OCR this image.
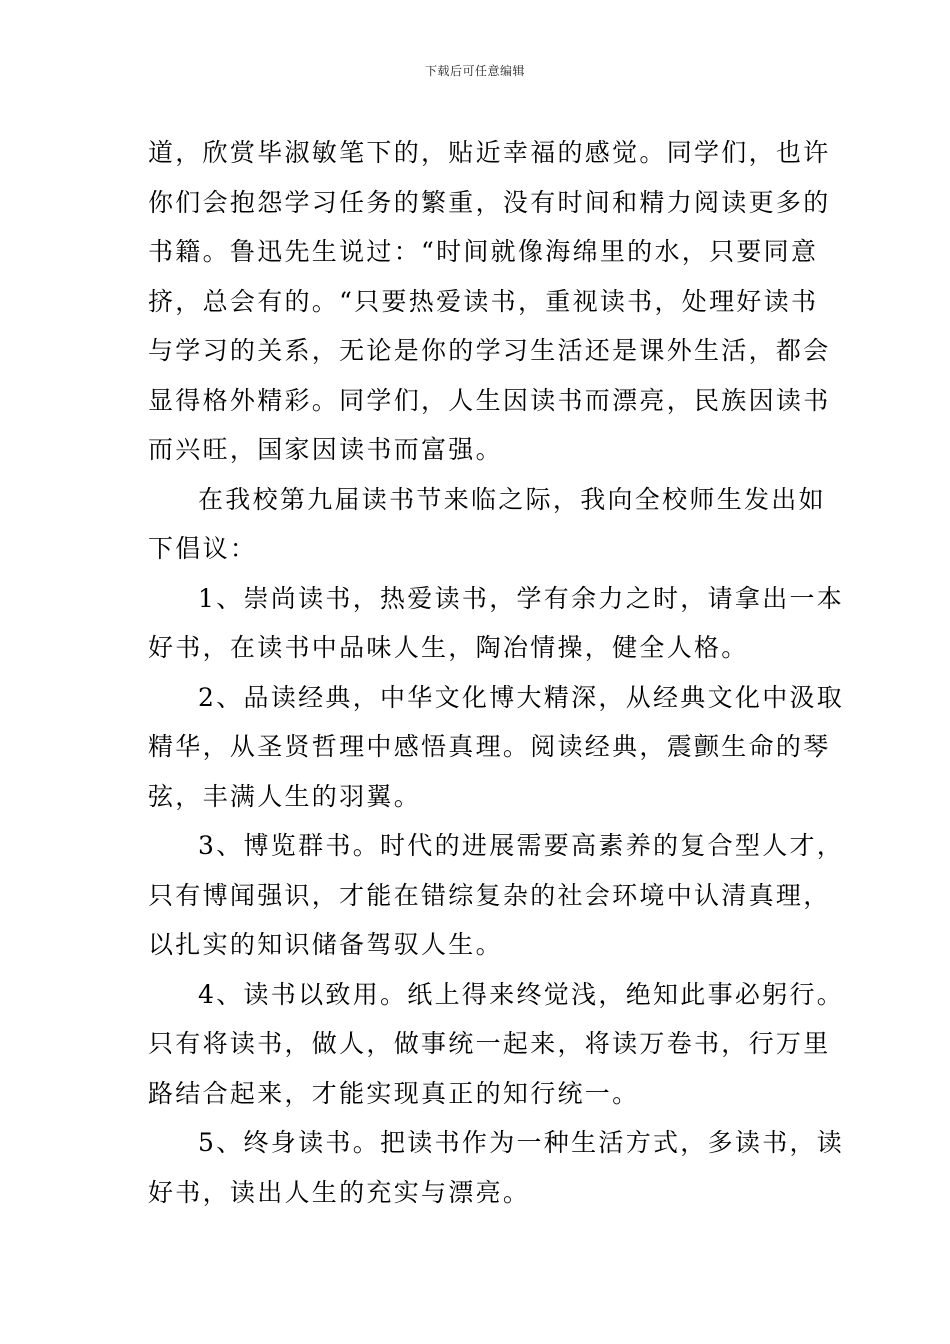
下载后可任意编辑

道，欣赏毕淑敏笔下的，贴近幸福的感觉。同学们，也许
你们会抱怨学习任务的繁重，没有时间和精力阅读更多的
书籍。鲁迅先生说过：“时间就像海绵里的水，只要同意
挤，总会有的。“只要热爱读书，重视读书，处理好读书
与学习的关系，无论是你的学习生活还是课外生活，都会
显得格外精彩。同学们，人生因读书而漂亮，民族因读书
而兴旺，国家因读书而富强。

在我校第九届读书节来临之际，我向全校师生发出如
下倡议：

1、崇尚读书，热爱读书，学有余力之时，请拿出一本
好书，在读书中品味人生，陶冶情操，健全人格。

2、品读经典，中华文化博大精深，从经典文化中汲取
精华，从圣贤哲理中感悟真理。阅读经典，震颤生命的琴
弦，丰满人生的羽翼。

3、博览群书。时代的进展需要高素养的复合型人才，
只有博闻强识，才能在错综复杂的社会环境中认清真理，
以扎实的知识储备驾驭人生。

4、读书以致用。纸上得来终觉浅，绝知此事必躬行。
只有将读书，做人，做事统一起来，将读万卷书，行万里
路结合起来，才能实现真正的知行统一。

5、终身读书。把读书作为一种生活方式，多读书，读
好书，读出人生的充实与漂亮。
